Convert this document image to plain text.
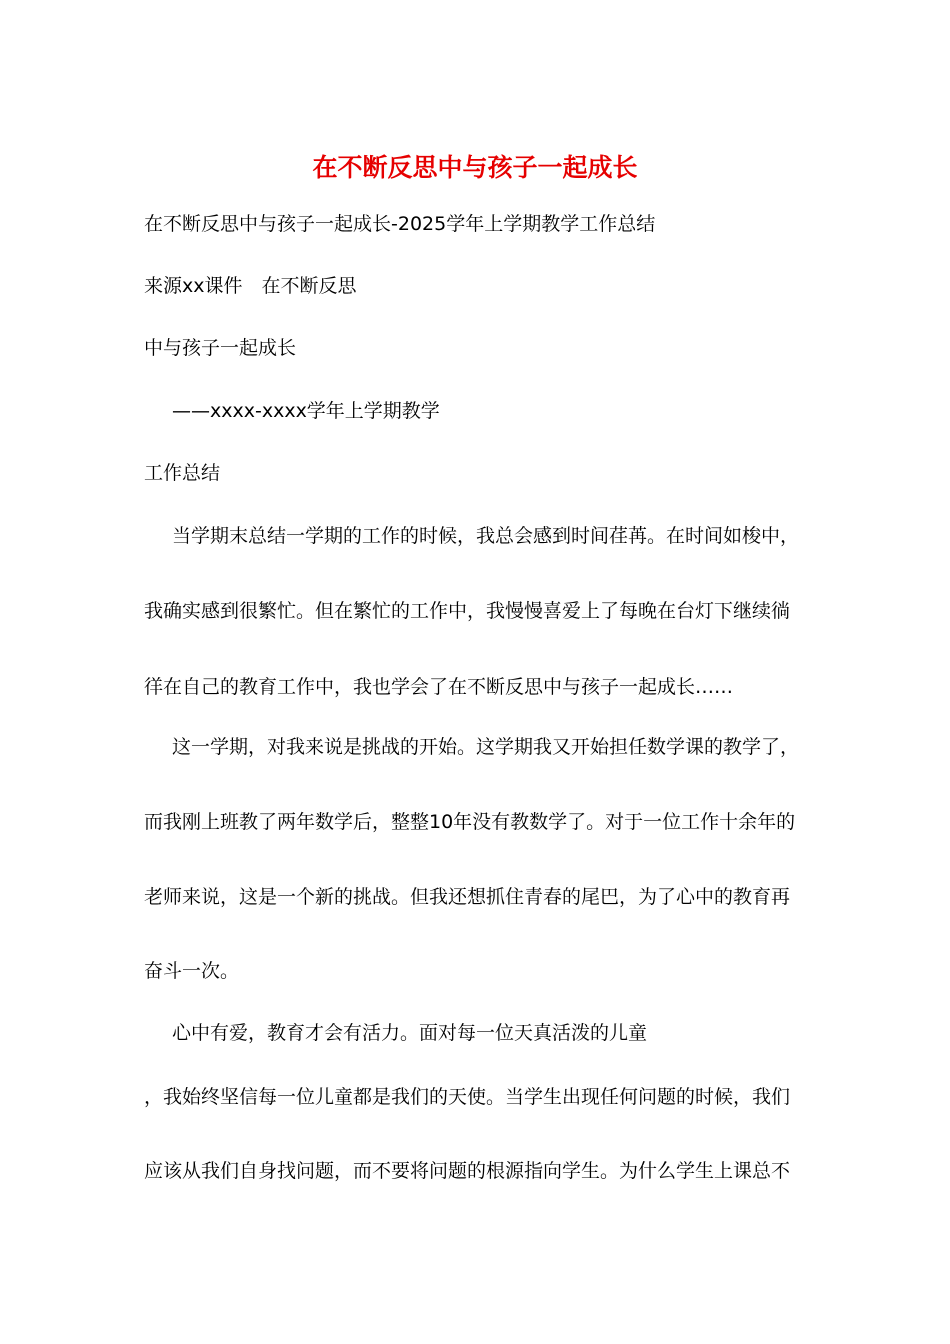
在不断反思中与孩子一起成长
在不断反思中与孩子一起成长-2025学年上学期教学工作总结
来源xx课件　在不断反思
中与孩子一起成长
——xxxx-xxxx学年上学期教学
工作总结
当学期末总结一学期的工作的时候，我总会感到时间荏苒。在时间如梭中，
我确实感到很繁忙。但在繁忙的工作中，我慢慢喜爱上了每晚在台灯下继续徜
徉在自己的教育工作中，我也学会了在不断反思中与孩子一起成长……
这一学期，对我来说是挑战的开始。这学期我又开始担任数学课的教学了，
而我刚上班教了两年数学后，整整10年没有教数学了。对于一位工作十余年的
老师来说，这是一个新的挑战。但我还想抓住青春的尾巴，为了心中的教育再
奋斗一次。
心中有爱，教育才会有活力。面对每一位天真活泼的儿童
，我始终坚信每一位儿童都是我们的天使。当学生出现任何问题的时候，我们
应该从我们自身找问题，而不要将问题的根源指向学生。为什么学生上课总不
